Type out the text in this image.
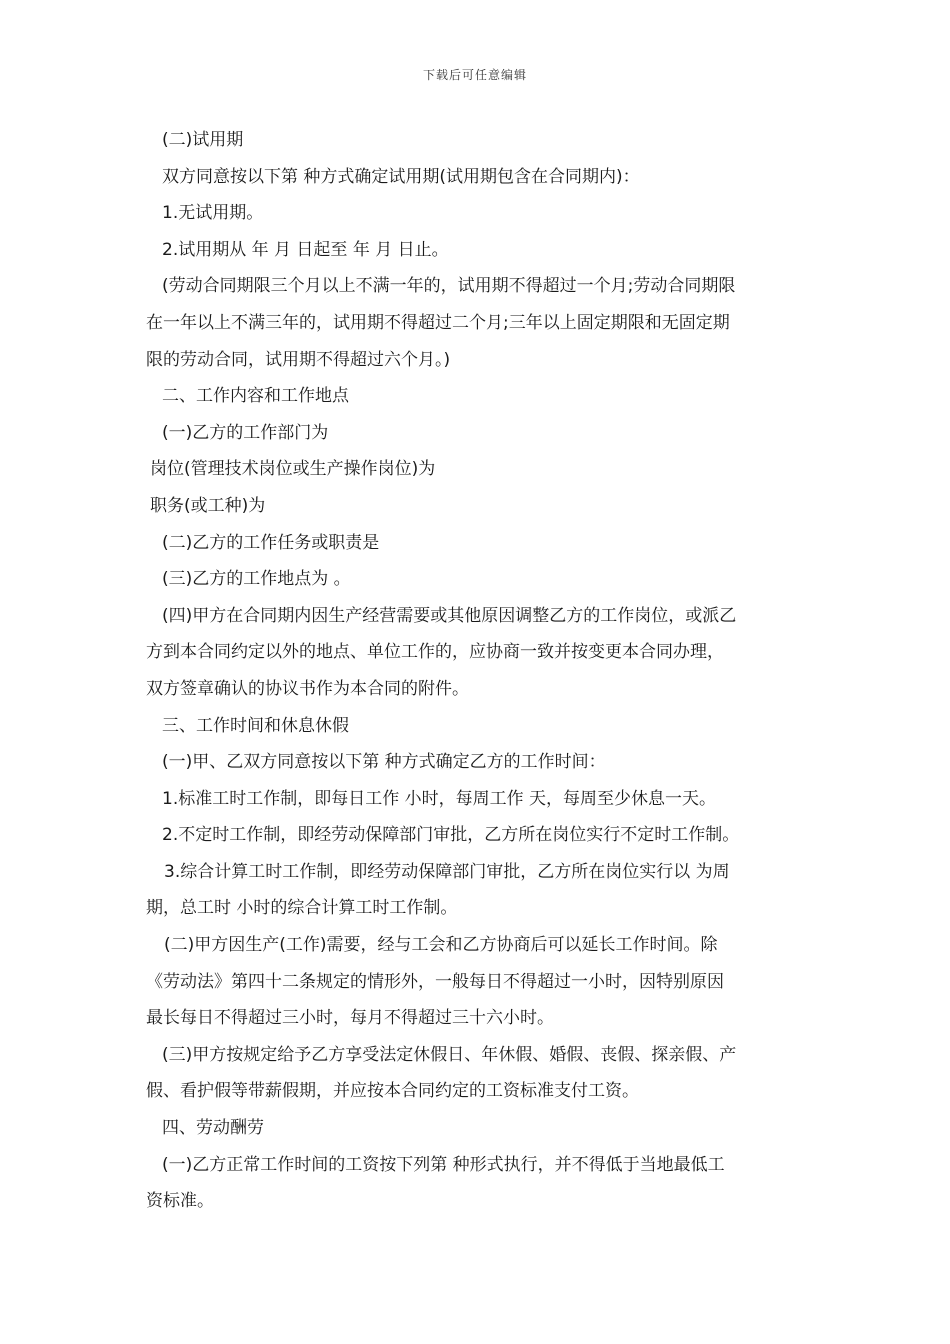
下载后可任意编辑

(二)试用期

双方同意按以下第 种方式确定试用期(试用期包含在合同期内)：

1.无试用期。

2.试用期从 年 月 日起至 年 月 日止。

(劳动合同期限三个月以上不满一年的，试用期不得超过一个月;劳动合同期限

在一年以上不满三年的，试用期不得超过二个月;三年以上固定期限和无固定期

限的劳动合同，试用期不得超过六个月。)

二、工作内容和工作地点

(一)乙方的工作部门为

岗位(管理技术岗位或生产操作岗位)为

职务(或工种)为

(二)乙方的工作任务或职责是

(三)乙方的工作地点为 。

(四)甲方在合同期内因生产经营需要或其他原因调整乙方的工作岗位，或派乙

方到本合同约定以外的地点、单位工作的，应协商一致并按变更本合同办理，

双方签章确认的协议书作为本合同的附件。

三、工作时间和休息休假

(一)甲、乙双方同意按以下第 种方式确定乙方的工作时间：

1.标准工时工作制，即每日工作 小时，每周工作 天，每周至少休息一天。

2.不定时工作制，即经劳动保障部门审批，乙方所在岗位实行不定时工作制。

3.综合计算工时工作制，即经劳动保障部门审批，乙方所在岗位实行以 为周

期，总工时 小时的综合计算工时工作制。

(二)甲方因生产(工作)需要，经与工会和乙方协商后可以延长工作时间。除

《劳动法》第四十二条规定的情形外，一般每日不得超过一小时，因特别原因

最长每日不得超过三小时，每月不得超过三十六小时。

(三)甲方按规定给予乙方享受法定休假日、年休假、婚假、丧假、探亲假、产

假、看护假等带薪假期，并应按本合同约定的工资标准支付工资。

四、劳动酬劳

(一)乙方正常工作时间的工资按下列第 种形式执行，并不得低于当地最低工

资标准。
